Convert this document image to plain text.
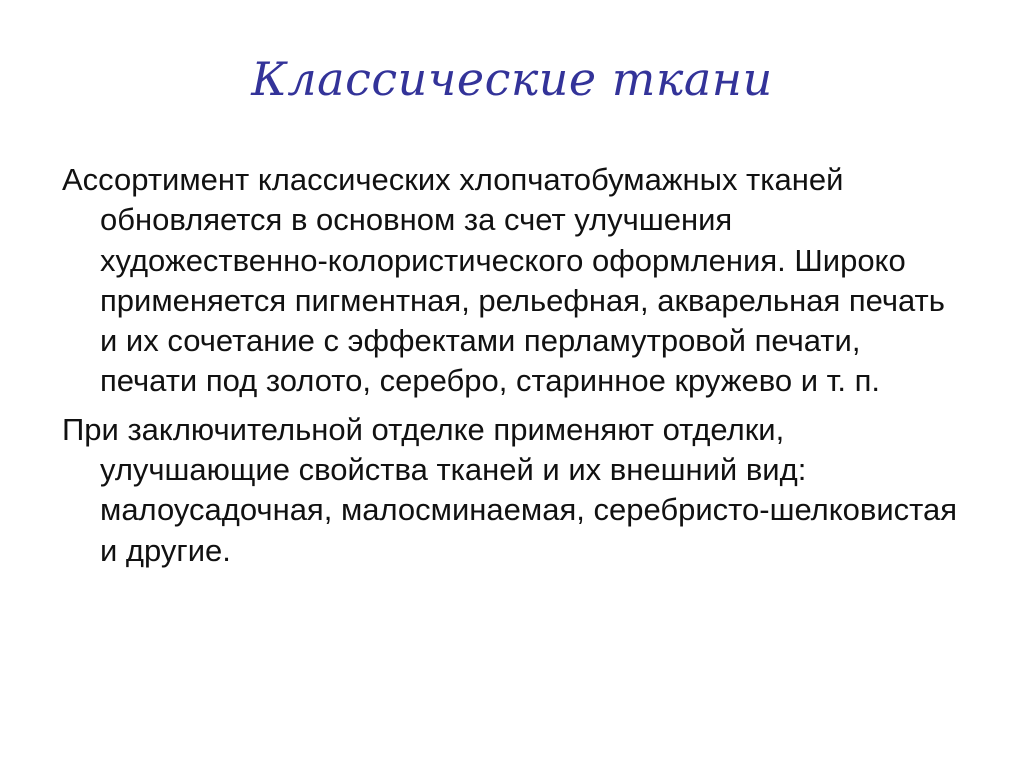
Классические ткани

Ассортимент классических хлопчатобумажных тканей обновляется в основном за счет улучшения художественно-колористического оформления. Широко применяется пигментная, рельефная, акварельная печать и их сочетание с эффектами перламутровой печати, печати под золото, серебро, старинное кружево и т. п.

При заключительной отделке применяют отделки, улучшающие свойства тканей и их внешний вид: малоусадочная, малосминаемая, серебристо-шелковистая и другие.
